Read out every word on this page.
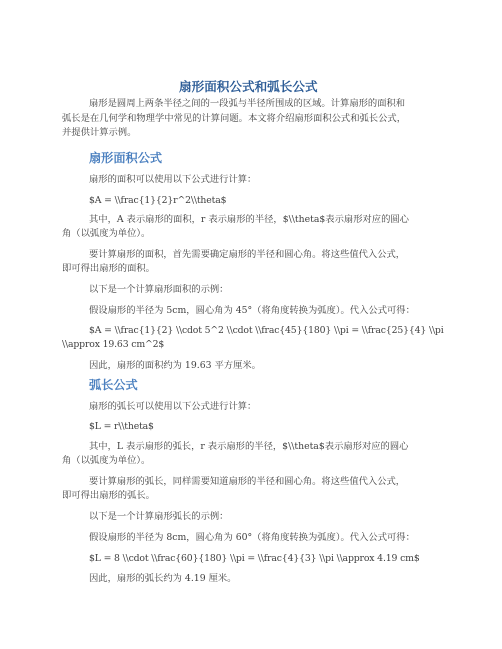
扇形面积公式和弧长公式

扇形是圆周上两条半径之间的一段弧与半径所围成的区域。计算扇形的面积和

弧长是在几何学和物理学中常见的计算问题。本文将介绍扇形面积公式和弧长公式，

并提供计算示例。

扇形面积公式

扇形的面积可以使用以下公式进行计算：

$A = \\frac{1}{2}r^2\\theta$

其中，A 表示扇形的面积，r 表示扇形的半径，$\\theta$表示扇形对应的圆心

角（以弧度为单位）。

要计算扇形的面积，首先需要确定扇形的半径和圆心角。将这些值代入公式，

即可得出扇形的面积。

以下是一个计算扇形面积的示例：

假设扇形的半径为 5cm，圆心角为 45°（将角度转换为弧度）。代入公式可得：

$A = \\frac{1}{2} \\cdot 5^2 \\cdot \\frac{45}{180} \\pi = \\frac{25}{4} \\pi

\\approx 19.63 cm^2$

因此，扇形的面积约为 19.63 平方厘米。

弧长公式

扇形的弧长可以使用以下公式进行计算：

$L = r\\theta$

其中，L 表示扇形的弧长，r 表示扇形的半径，$\\theta$表示扇形对应的圆心

角（以弧度为单位）。

要计算扇形的弧长，同样需要知道扇形的半径和圆心角。将这些值代入公式，

即可得出扇形的弧长。

以下是一个计算扇形弧长的示例：

假设扇形的半径为 8cm，圆心角为 60°（将角度转换为弧度）。代入公式可得：

$L = 8 \\cdot \\frac{60}{180} \\pi = \\frac{4}{3} \\pi \\approx 4.19 cm$

因此，扇形的弧长约为 4.19 厘米。
